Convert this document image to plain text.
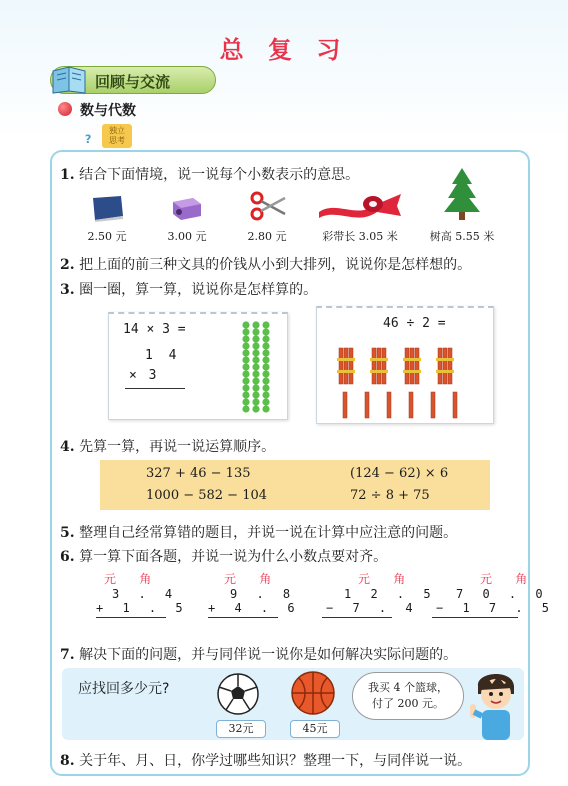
总 复 习
回顾与交流
数与代数
?
独立
思考
1. 结合下面情境，说一说每个小数表示的意思。
2.50 元	3.00 元	2.80 元	彩带长 3.05 米	树高 5.55 米
2. 把上面的前三种文具的价钱从小到大排列，说说你是怎样想的。
3. 圈一圈，算一算，说说你是怎样算的。
14 × 3 =
1 4
× 3
46 ÷ 2 =
4. 先算一算，再说一说运算顺序。
327 + 46 − 135	(124 − 62) × 6
1000 − 582 − 104	72 ÷ 8 + 75
5. 整理自己经常算错的题目，并说一说在计算中应注意的问题。
6. 算一算下面各题，并说一说为什么小数点要对齐。
元 角
3 . 4
+ 1 . 5
元 角
9 . 8
+ 4 . 6
元 角
1 2 . 5
− 7 . 4
元 角
7 0 . 0
− 1 7 . 5
7. 解决下面的问题，并与同伴说一说你是如何解决实际问题的。
应找回多少元?
32元	45元
我买 4 个篮球，
付了 200 元。
8. 关于年、月、日，你学过哪些知识？整理一下，与同伴说一说。
